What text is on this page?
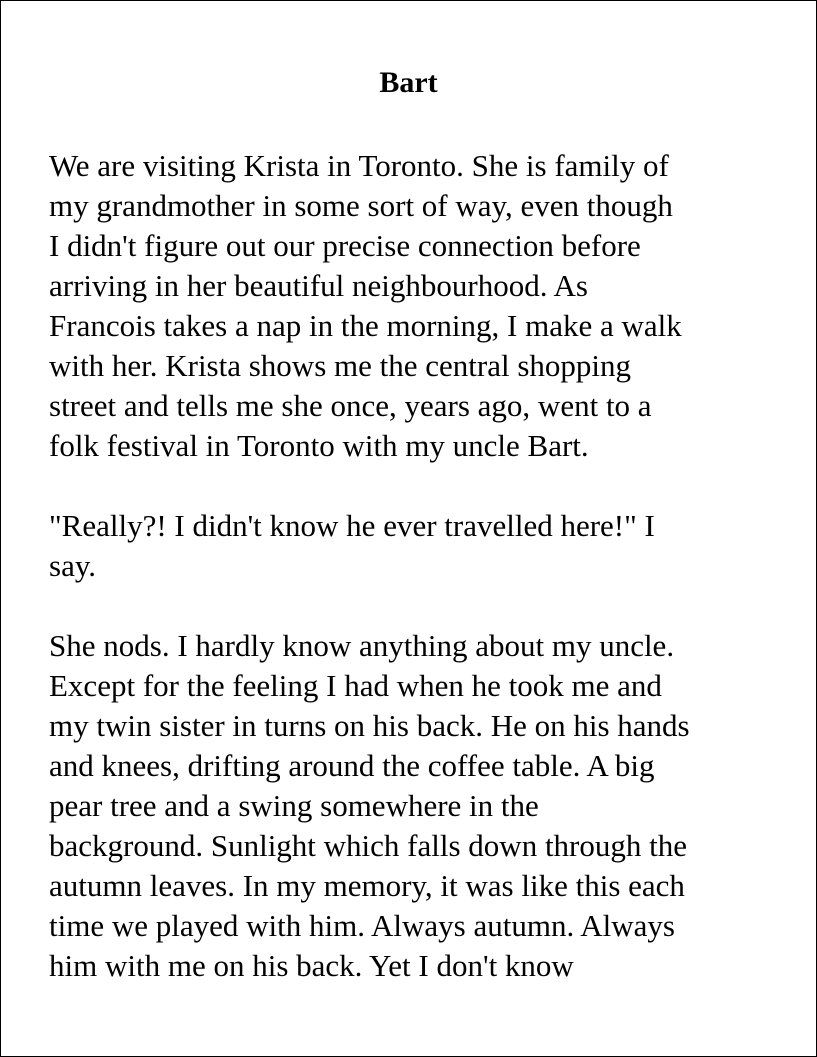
Bart
We are visiting Krista in Toronto. She is family of
my grandmother in some sort of way, even though
I didn't figure out our precise connection before
arriving in her beautiful neighbourhood. As
Francois takes a nap in the morning, I make a walk
with her. Krista shows me the central shopping
street and tells me she once, years ago, went to a
folk festival in Toronto with my uncle Bart.
"Really?! I didn't know he ever travelled here!" I
say.
She nods. I hardly know anything about my uncle.
Except for the feeling I had when he took me and
my twin sister in turns on his back. He on his hands
and knees, drifting around the coffee table. A big
pear tree and a swing somewhere in the
background. Sunlight which falls down through the
autumn leaves. In my memory, it was like this each
time we played with him. Always autumn. Always
him with me on his back. Yet I don't know
